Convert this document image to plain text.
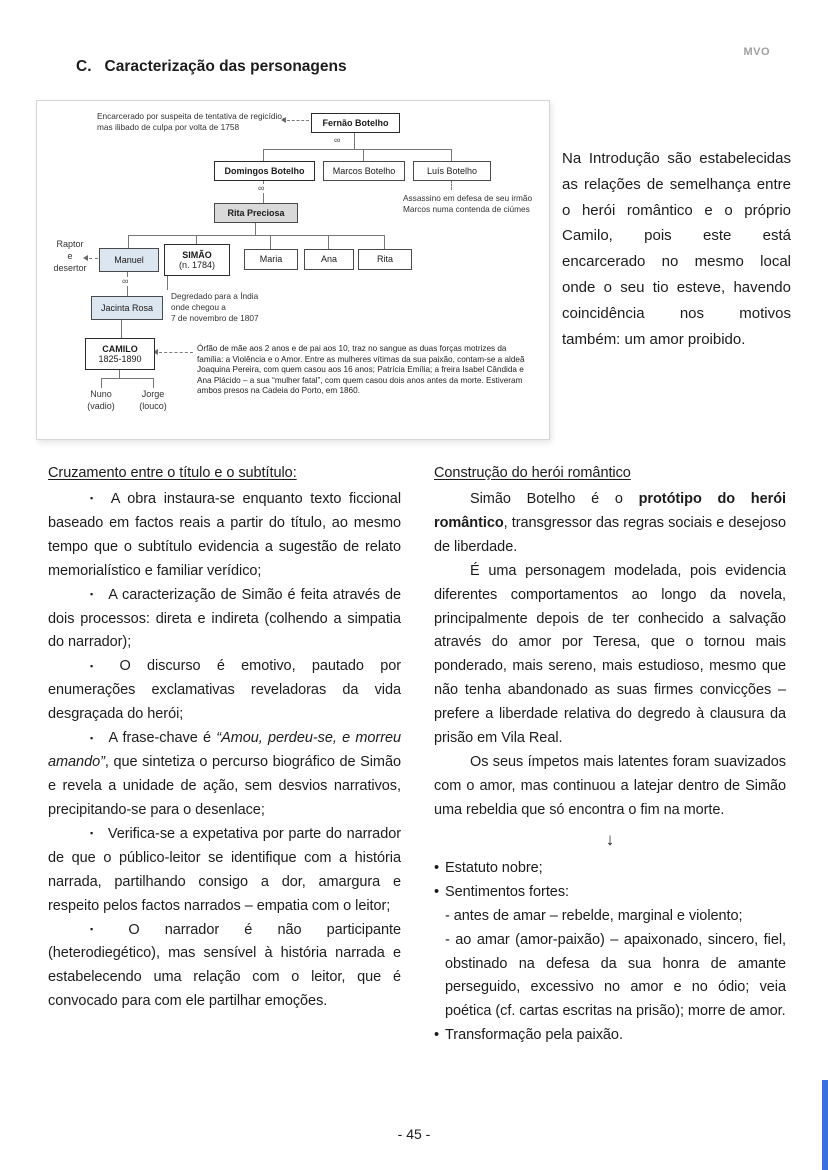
MVO
C. Caracterização das personagens
∞
∞
∞
Fernão Botelho
Domingos Botelho	Marcos Botelho	Luís Botelho
Rita Preciosa
Manuel
SIMÃO
(n. 1784)
Maria	Ana	Rita
Jacinta Rosa
CAMILO
1825-1890
Nuno
(vadio)
Jorge
(louco)
Encarcerado por suspeita de tentativa de regicídio,
mas ilibado de culpa por volta de 1758
Assassino em defesa de seu irmão
Marcos numa contenda de ciúmes
Raptor
e
desertor
Degredado para a Índia
onde chegou a
7 de novembro de 1807
Órfão de mãe aos 2 anos e de pai aos 10, traz no sangue as duas forças motrizes da família: a Violência e o Amor. Entre as mulheres vítimas da sua paixão, contam-se a aldeã Joaquina Pereira, com quem casou aos 16 anos; Patrícia Emília; a freira Isabel Cândida e Ana Plácido – a sua “mulher fatal”, com quem casou dois anos antes da morte. Estiveram ambos presos na Cadeia do Porto, em 1860.

Na Introdução são estabelecidas as relações de semelhança entre o herói romântico e o próprio Camilo, pois este está encarcerado no mesmo local onde o seu tio esteve, havendo coincidência nos motivos também: um amor proibido.

Cruzamento entre o título e o subtítulo:

▪ A obra instaura-se enquanto texto ficcional baseado em factos reais a partir do título, ao mesmo tempo que o subtítulo evidencia a sugestão de relato memorialístico e familiar verídico;

▪ A caracterização de Simão é feita através de dois processos: direta e indireta (colhendo a simpatia do narrador);

▪ O discurso é emotivo, pautado por enumerações exclamativas reveladoras da vida desgraçada do herói;

▪ A frase-chave é “Amou, perdeu-se, e morreu amando”, que sintetiza o percurso biográfico de Simão e revela a unidade de ação, sem desvios narrativos, precipitando-se para o desenlace;

▪ Verifica-se a expetativa por parte do narrador de que o público-leitor se identifique com a história narrada, partilhando consigo a dor, amargura e respeito pelos factos narrados – empatia com o leitor;

▪ O narrador é não participante (heterodiegético), mas sensível à história narrada e estabelecendo uma relação com o leitor, que é convocado para com ele partilhar emoções.

Construção do herói romântico

Simão Botelho é o protótipo do herói romântico, transgressor das regras sociais e desejoso de liberdade.

É uma personagem modelada, pois evidencia diferentes comportamentos ao longo da novela, principalmente depois de ter conhecido a salvação através do amor por Teresa, que o tornou mais ponderado, mais sereno, mais estudioso, mesmo que não tenha abandonado as suas firmes convicções – prefere a liberdade relativa do degredo à clausura da prisão em Vila Real.

Os seus ímpetos mais latentes foram suavizados com o amor, mas continuou a latejar dentro de Simão uma rebeldia que só encontra o fim na morte.

↓

• Estatuto nobre;

• Sentimentos fortes:

- antes de amar – rebelde, marginal e violento;

- ao amar (amor-paixão) – apaixonado, sincero, fiel, obstinado na defesa da sua honra de amante perseguido, excessivo no amor e no ódio; veia poética (cf. cartas escritas na prisão); morre de amor.

• Transformação pela paixão.

- 45 -
